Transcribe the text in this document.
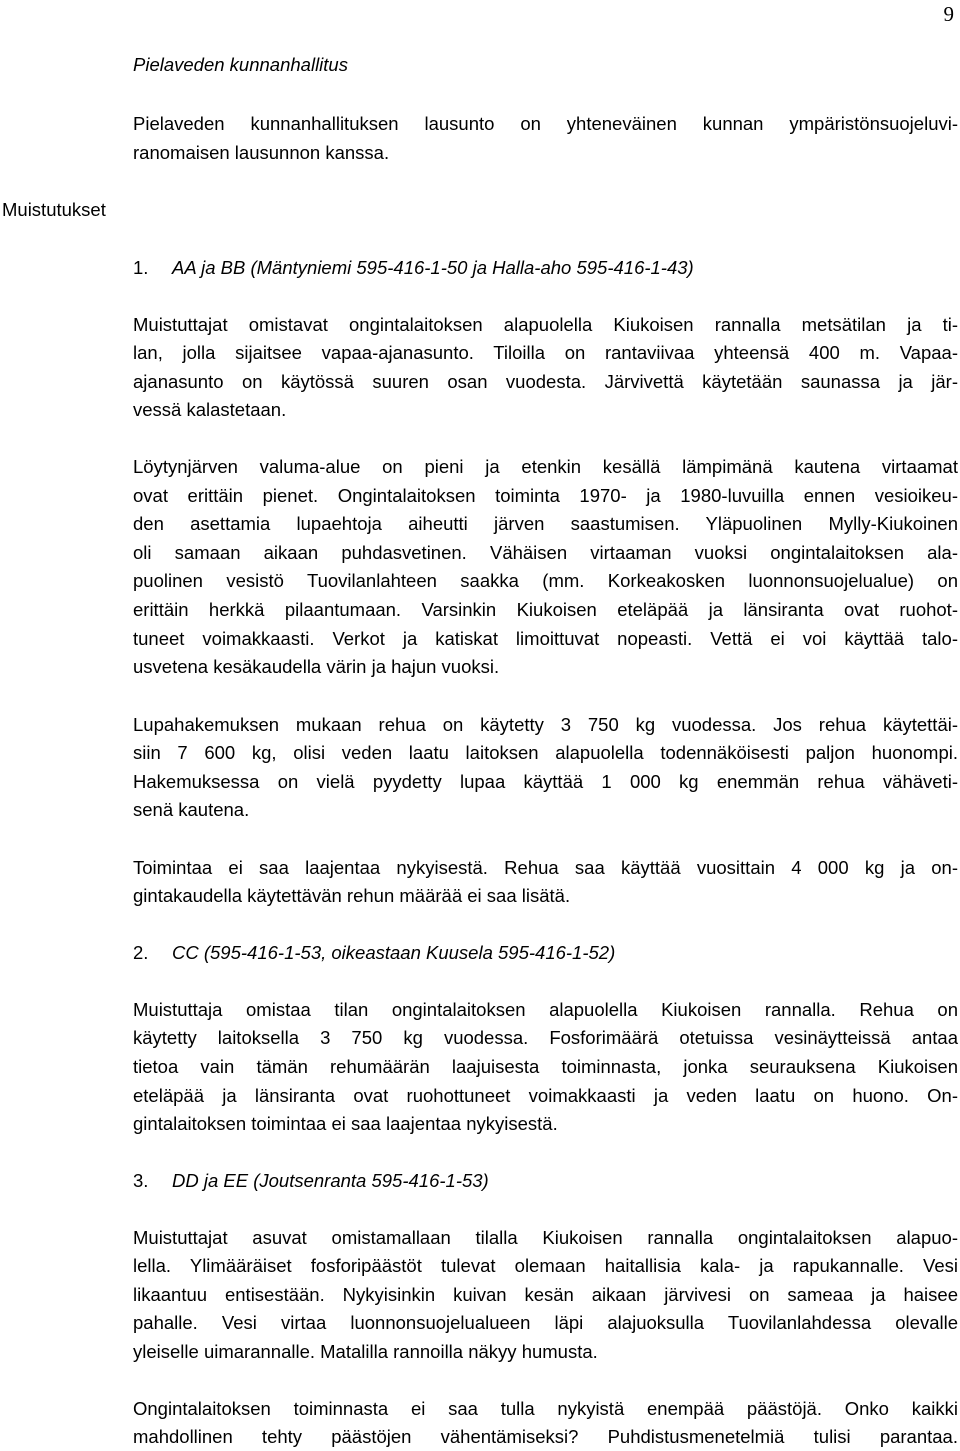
9
Pielaveden kunnanhallitus
Pielaveden kunnanhallituksen lausunto on yhteneväinen kunnan ympäristönsuojeluvi-
ranomaisen lausunnon kanssa.
Muistutukset
1. AA ja BB (Mäntyniemi 595-416-1-50 ja Halla-aho 595-416-1-43)
Muistuttajat omistavat ongintalaitoksen alapuolella Kiukoisen rannalla metsätilan ja ti-
lan, jolla sijaitsee vapaa-ajanasunto. Tiloilla on rantaviivaa yhteensä 400 m. Vapaa-
ajanasunto on käytössä suuren osan vuodesta. Järvivettä käytetään saunassa ja jär-
vessä kalastetaan.
Löytynjärven valuma-alue on pieni ja etenkin kesällä lämpimänä kautena virtaamat
ovat erittäin pienet. Ongintalaitoksen toiminta 1970- ja 1980-luvuilla ennen vesioikeu-
den asettamia lupaehtoja aiheutti järven saastumisen. Yläpuolinen Mylly-Kiukoinen
oli samaan aikaan puhdasvetinen. Vähäisen virtaaman vuoksi ongintalaitoksen ala-
puolinen vesistö Tuovilanlahteen saakka (mm. Korkeakosken luonnonsuojelualue) on
erittäin herkkä pilaantumaan. Varsinkin Kiukoisen eteläpää ja länsiranta ovat ruohot-
tuneet voimakkaasti. Verkot ja katiskat limoittuvat nopeasti. Vettä ei voi käyttää talo-
usvetena kesäkaudella värin ja hajun vuoksi.
Lupahakemuksen mukaan rehua on käytetty 3 750 kg vuodessa. Jos rehua käytettäi-
siin 7 600 kg, olisi veden laatu laitoksen alapuolella todennäköisesti paljon huonompi.
Hakemuksessa on vielä pyydetty lupaa käyttää 1 000 kg enemmän rehua vähäveti-
senä kautena.
Toimintaa ei saa laajentaa nykyisestä. Rehua saa käyttää vuosittain 4 000 kg ja on-
gintakaudella käytettävän rehun määrää ei saa lisätä.
2. CC (595-416-1-53, oikeastaan Kuusela 595-416-1-52)
Muistuttaja omistaa tilan ongintalaitoksen alapuolella Kiukoisen rannalla. Rehua on
käytetty laitoksella 3 750 kg vuodessa. Fosforimäärä otetuissa vesinäytteissä antaa
tietoa vain tämän rehumäärän laajuisesta toiminnasta, jonka seurauksena Kiukoisen
eteläpää ja länsiranta ovat ruohottuneet voimakkaasti ja veden laatu on huono. On-
gintalaitoksen toimintaa ei saa laajentaa nykyisestä.
3. DD ja EE (Joutsenranta 595-416-1-53)
Muistuttajat asuvat omistamallaan tilalla Kiukoisen rannalla ongintalaitoksen alapuo-
lella. Ylimääräiset fosforipäästöt tulevat olemaan haitallisia kala- ja rapukannalle. Vesi
likaantuu entisestään. Nykyisinkin kuivan kesän aikaan järvivesi on sameaa ja haisee
pahalle. Vesi virtaa luonnonsuojelualueen läpi alajuoksulla Tuovilanlahdessa olevalle
yleiselle uimarannalle. Matalilla rannoilla näkyy humusta.
Ongintalaitoksen toiminnasta ei saa tulla nykyistä enempää päästöjä. Onko kaikki
mahdollinen tehty päästöjen vähentämiseksi? Puhdistusmenetelmiä tulisi parantaa.
